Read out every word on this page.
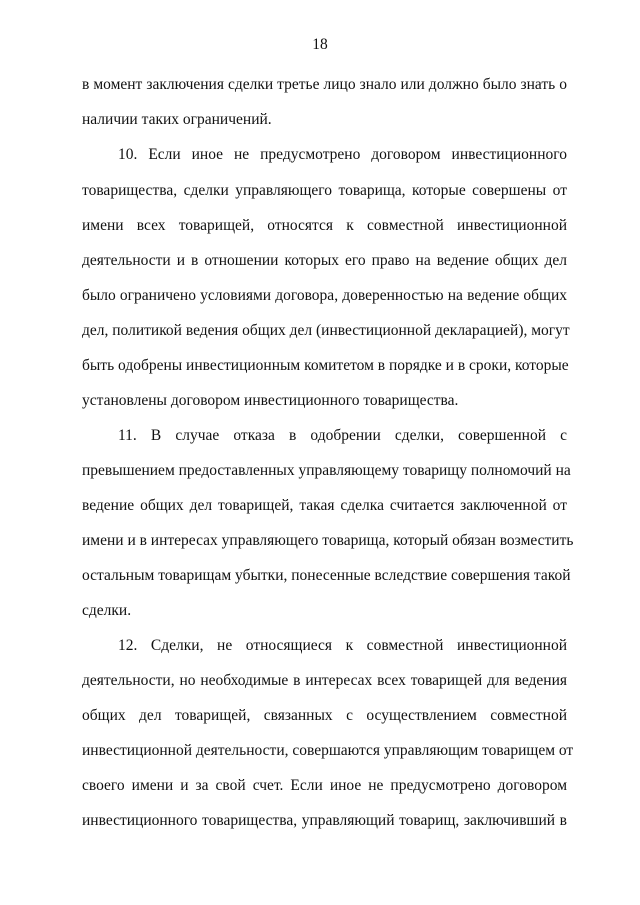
18
в момент заключения сделки третье лицо знало или должно было знать о
наличии таких ограничений.
10. Если иное не предусмотрено договором инвестиционного
товарищества, сделки управляющего товарища, которые совершены от
имени всех товарищей, относятся к совместной инвестиционной
деятельности и в отношении которых его право на ведение общих дел
было ограничено условиями договора, доверенностью на ведение общих
дел, политикой ведения общих дел (инвестиционной декларацией), могут
быть одобрены инвестиционным комитетом в порядке и в сроки, которые
установлены договором инвестиционного товарищества.
11. В случае отказа в одобрении сделки, совершенной с
превышением предоставленных управляющему товарищу полномочий на
ведение общих дел товарищей, такая сделка считается заключенной от
имени и в интересах управляющего товарища, который обязан возместить
остальным товарищам убытки, понесенные вследствие совершения такой
сделки.
12. Сделки, не относящиеся к совместной инвестиционной
деятельности, но необходимые в интересах всех товарищей для ведения
общих дел товарищей, связанных с осуществлением совместной
инвестиционной деятельности, совершаются управляющим товарищем от
своего имени и за свой счет. Если иное не предусмотрено договором
инвестиционного товарищества, управляющий товарищ, заключивший в
